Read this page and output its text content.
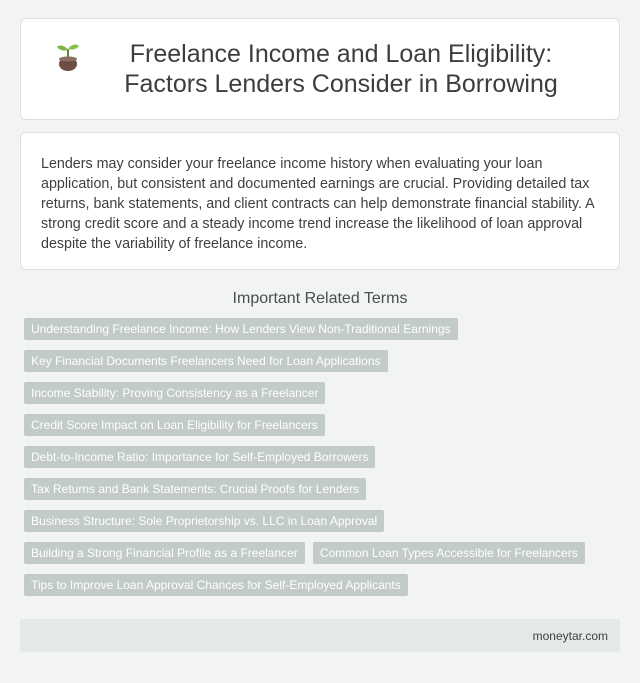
Freelance Income and Loan Eligibility: Factors Lenders Consider in Borrowing

Lenders may consider your freelance income history when evaluating your loan application, but consistent and documented earnings are crucial. Providing detailed tax returns, bank statements, and client contracts can help demonstrate financial stability. A strong credit score and a steady income trend increase the likelihood of loan approval despite the variability of freelance income.

Important Related Terms
Understanding Freelance Income: How Lenders View Non-Traditional Earnings
Key Financial Documents Freelancers Need for Loan Applications
Income Stability: Proving Consistency as a Freelancer
Credit Score Impact on Loan Eligibility for Freelancers
Debt-to-Income Ratio: Importance for Self-Employed Borrowers
Tax Returns and Bank Statements: Crucial Proofs for Lenders
Business Structure: Sole Proprietorship vs. LLC in Loan Approval
Building a Strong Financial Profile as a Freelancer	Common Loan Types Accessible for Freelancers
Tips to Improve Loan Approval Chances for Self-Employed Applicants
moneytar.com
